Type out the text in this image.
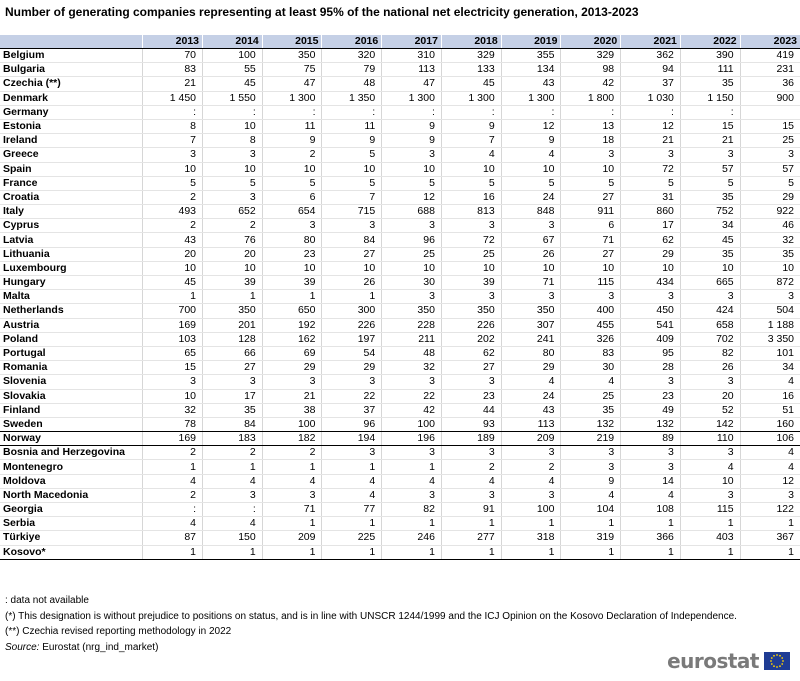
Number of generating companies representing at least 95% of the national net electricity generation, 2013-2023
	2013	2014	2015	2016	2017	2018	2019	2020	2021	2022	2023
Belgium	70	100	350	320	310	329	355	329	362	390	419
Bulgaria	83	55	75	79	113	133	134	98	94	111	231
Czechia (**)	21	45	47	48	47	45	43	42	37	35	36
Denmark	1 450	1 550	1 300	1 350	1 300	1 300	1 300	1 800	1 030	1 150	900
Germany	:	:	:	:	:	:	:	:	:	:	
Estonia	8	10	11	11	9	9	12	13	12	15	15
Ireland	7	8	9	9	9	7	9	18	21	21	25
Greece	3	3	2	5	3	4	4	3	3	3	3
Spain	10	10	10	10	10	10	10	10	72	57	57
France	5	5	5	5	5	5	5	5	5	5	5
Croatia	2	3	6	7	12	16	24	27	31	35	29
Italy	493	652	654	715	688	813	848	911	860	752	922
Cyprus	2	2	3	3	3	3	3	6	17	34	46
Latvia	43	76	80	84	96	72	67	71	62	45	32
Lithuania	20	20	23	27	25	25	26	27	29	35	35
Luxembourg	10	10	10	10	10	10	10	10	10	10	10
Hungary	45	39	39	26	30	39	71	115	434	665	872
Malta	1	1	1	1	3	3	3	3	3	3	3
Netherlands	700	350	650	300	350	350	350	400	450	424	504
Austria	169	201	192	226	228	226	307	455	541	658	1 188
Poland	103	128	162	197	211	202	241	326	409	702	3 350
Portugal	65	66	69	54	48	62	80	83	95	82	101
Romania	15	27	29	29	32	27	29	30	28	26	34
Slovenia	3	3	3	3	3	3	4	4	3	3	4
Slovakia	10	17	21	22	22	23	24	25	23	20	16
Finland	32	35	38	37	42	44	43	35	49	52	51
Sweden	78	84	100	96	100	93	113	132	132	142	160
Norway	169	183	182	194	196	189	209	219	89	110	106
Bosnia and Herzegovina	2	2	2	3	3	3	3	3	3	3	4
Montenegro	1	1	1	1	1	2	2	3	3	4	4
Moldova	4	4	4	4	4	4	4	9	14	10	12
North Macedonia	2	3	3	4	3	3	3	4	4	3	3
Georgia	:	:	71	77	82	91	100	104	108	115	122
Serbia	4	4	1	1	1	1	1	1	1	1	1
Türkiye	87	150	209	225	246	277	318	319	366	403	367
Kosovo*	1	1	1	1	1	1	1	1	1	1	1
: data not available
(*) This designation is without prejudice to positions on status, and is in line with UNSCR 1244/1999 and the ICJ Opinion on the Kosovo Declaration of Independence.
(**) Czechia revised reporting methodology in 2022
Source: Eurostat (nrg_ind_market)
eurostat
